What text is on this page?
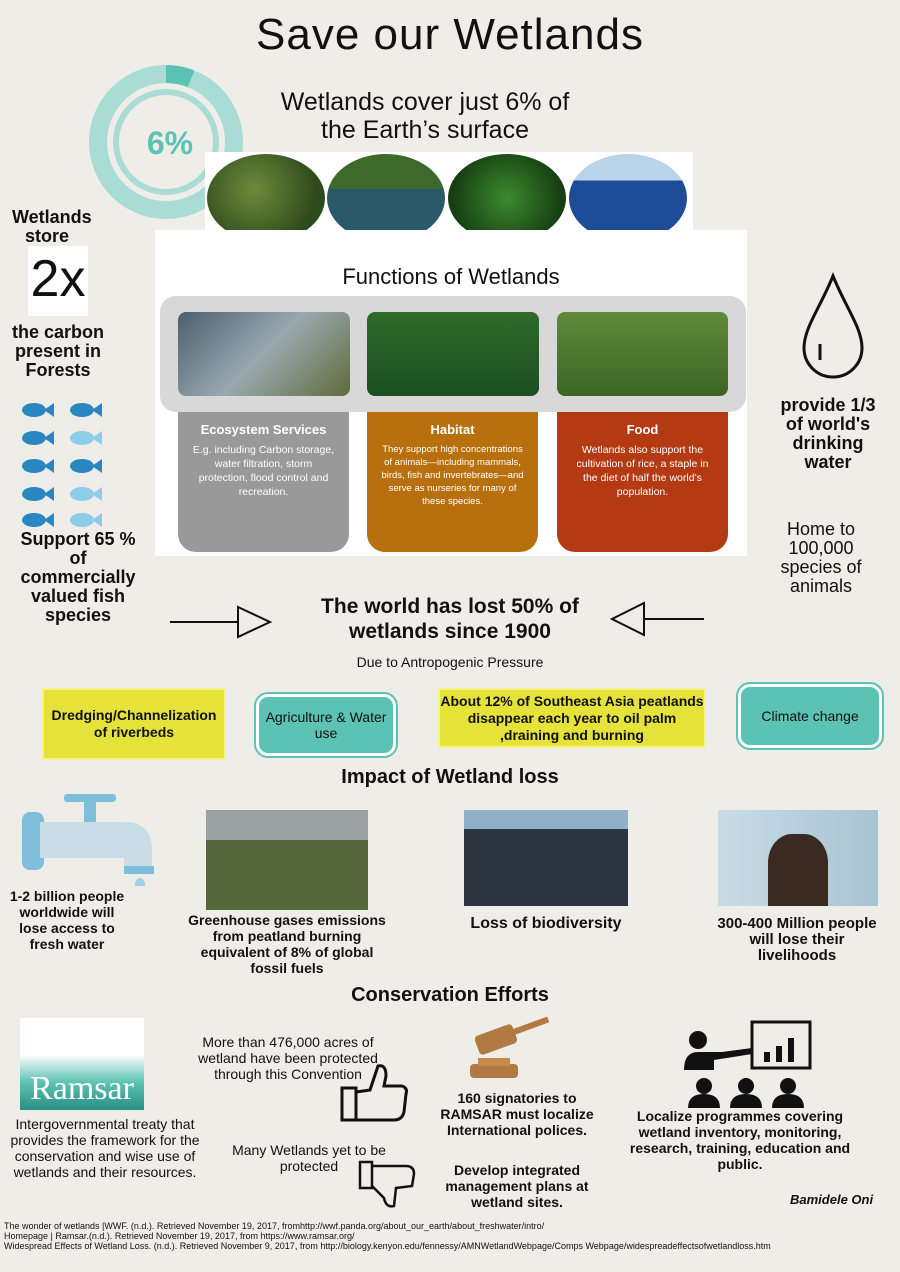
Save our Wetlands
6%
Wetlands cover just 6% of
the Earth’s surface
Functions of Wetlands
Ecosystem Services
E.g. including Carbon storage, water filtration, storm protection, flood control and recreation.
Habitat
They support high concentrations of animals—including mammals, birds, fish and invertebrates—and serve as nurseries for many of these species.
Food
Wetlands also support the cultivation of rice, a staple in the diet of half the world’s population.
Wetlands
store
2x
the carbon present in Forests
Support 65 % of commercially valued fish species
provide 1/3 of world's drinking water
Home to 100,000 species of animals
The world has lost 50% of
wetlands since 1900
Due to Antropogenic Pressure
Dredging/Channelization of riverbeds
Agriculture & Water use
About 12% of Southeast Asia peatlands disappear each year to oil palm ,draining and burning
Climate change
Impact of Wetland loss
1-2 billion people worldwide will lose access to fresh water
Greenhouse gases emissions from peatland burning equivalent of 8% of global fossil fuels
Loss of biodiversity	300-400 Million people will lose their livelihoods
Conservation Efforts
Ramsar
Intergovernmental treaty that provides the framework for the conservation and wise use of wetlands and their resources.
More than 476,000 acres of wetland have been protected through this Convention
Many Wetlands yet to be protected
160 signatories to RAMSAR must localize International polices.
Develop integrated management plans at wetland sites.
Localize programmes covering wetland inventory, monitoring, research, training, education and public.
Bamidele Oni
The wonder of wetlands |WWF. (n.d.). Retrieved November 19, 2017, fromhttp://wwf.panda.org/about_our_earth/about_freshwater/intro/
Homepage | Ramsar.(n.d.). Retrieved November 19, 2017, from https://www.ramsar.org/
Widespread Effects of Wetland Loss. (n.d.). Retrieved November 9, 2017, from http://biology.kenyon.edu/fennessy/AMNWetlandWebpage/Comps Webpage/widespreadeffectsofwetlandloss.htm
